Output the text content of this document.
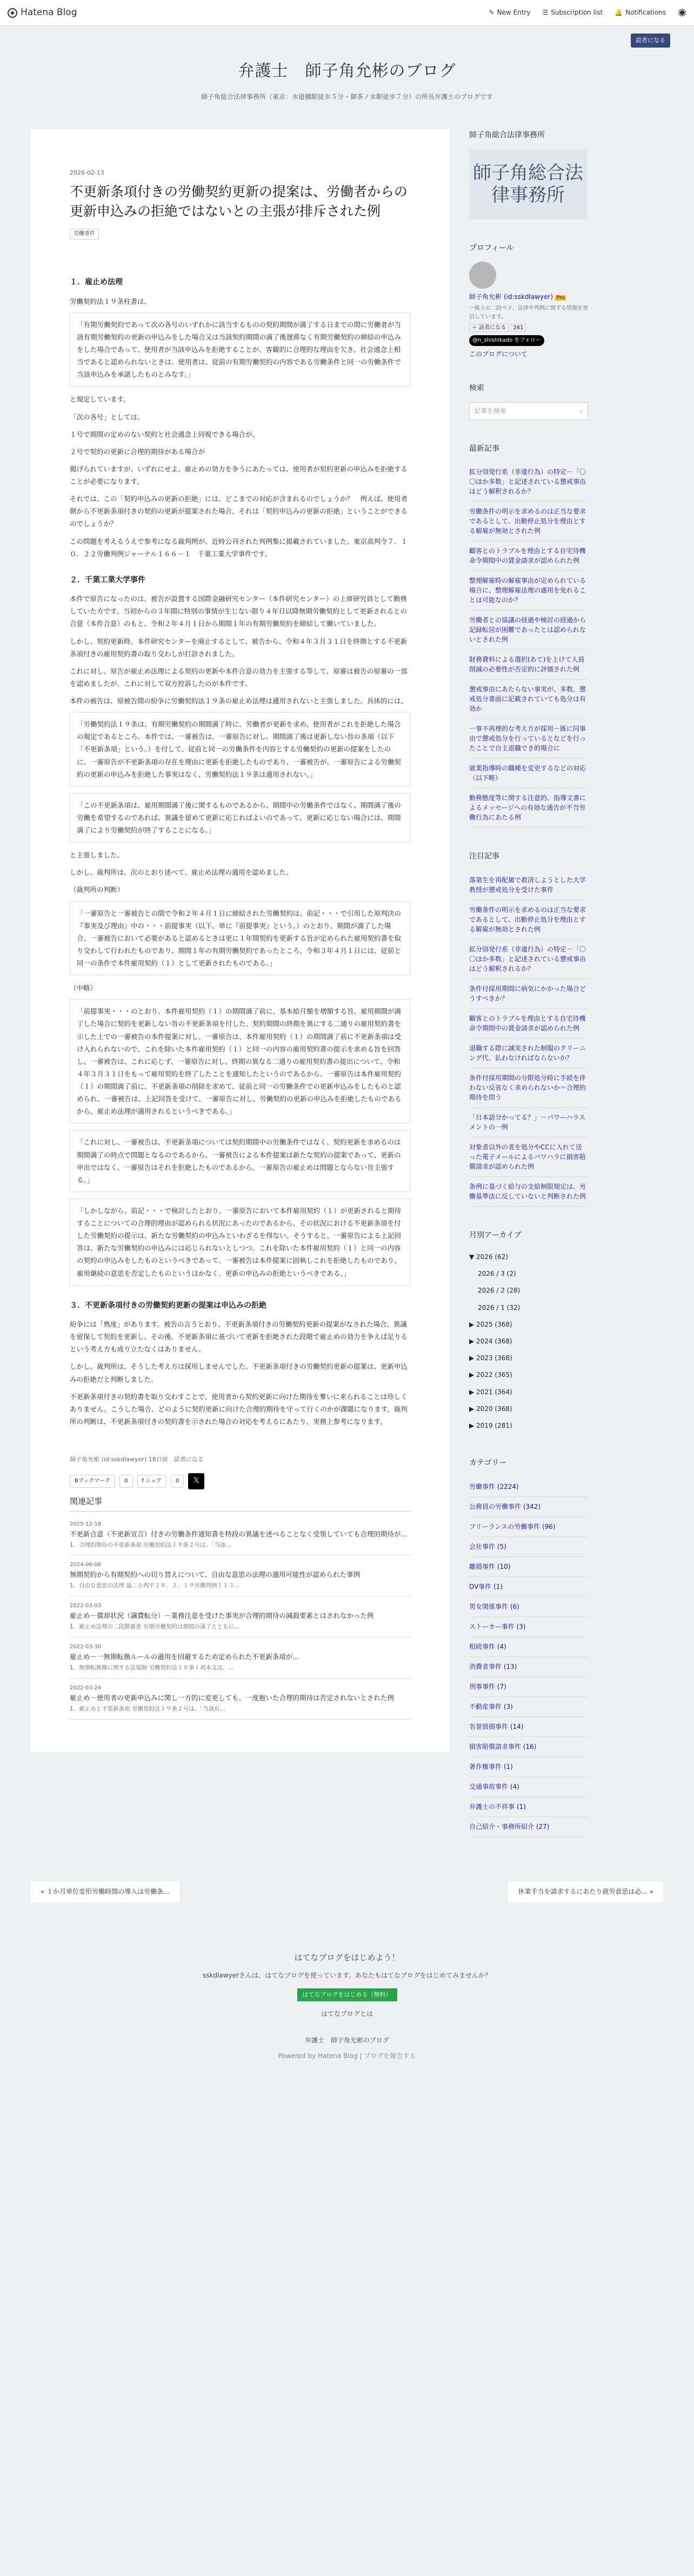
Hatena Blog	✎ New Entry ☰ Subscription list 🔔 Notifications ◉
読者になる
弁護士　師子角允彬のブログ

師子角総合法律事務所（東京：水道橋駅徒歩５分・御茶ノ水駅徒歩７分）の所長弁護士のブログです

2026-02-13
不更新条項付きの労働契約更新の提案は、労働者からの更新申込みの拒絶ではないとの主張が排斥された例
労働事件
１．雇止め法理

労働契約法１９条柱書は、

「有期労働契約であって次の各号のいずれかに該当するものの契約期間が満了する日までの間に労働者が当該有期労働契約の更新の申込みをした場合又は当該契約期間の満了後遅滞なく有期労働契約の締結の申込みをした場合であって、使用者が当該申込みを拒絶することが、客観的に合理的な理由を欠き、社会通念上相当であると認められないときは、使用者は、従前の有期労働契約の内容である労働条件と同一の労働条件で当該申込みを承諾したものとみなす。」

と規定しています。

「次の各号」としては、

１号で期間の定めのない契約と社会通念上同視できる場合が、

２号で契約の更新に合理的期待がある場合が

掲げられていますが、いずれにせよ、雇止めの効力を争うにあたっては、使用者が契約更新の申込みを拒絶することが必要になります。

それでは、この「契約申込みの更新の拒絶」には、どこまでの対応が含まれるのでしょうか？　例えば、使用者側から不更新条項付きの契約の更新が提案された場合、それは「契約申込みの更新の拒絶」ということができるのでしょうか？

この問題を考えるうえで参考になる裁判例が、近時公刊された判例集に掲載されていました。東京高判令７．１０．２２労働判例ジャーナル１６６－１　千葉工業大学事件です。

２．千葉工業大学事件

本件で原告になったのは、被告が設置する国際金融研究センター（本件研究センター）の上席研究員として勤務していた方です。当初からの３年間に特別の事情が生じない限り４年目以降無期労働契約として更新されるとの合意（本件合意）のもと、令和２年４月１日から期間１年の有期労働契約を締結して働いていました。

しかし、契約更新時、本件研究センターを廃止するとして、被告から、令和４年３月３１日を終期とする不更新条項付きの雇用契約書の取り交わしが打診されました。

これに対し、原告が雇止め法理による契約の更新や本件合意の効力を主張する等して、原審は被告の原審の一部を認めましたが、これに対して双方控訴したのが本件です。

本件の被告は、原被告間の紛争に労働契約法１９条の雇止め法理は適用されないと主張しました。具体的には、

「労働契約法１９条は、有期労働契約の期間満了時に、労働者が更新を求め、使用者がこれを拒絶した場合の規定であるところ、本件では、一審被告は、一審原告に対し、期間満了後は更新しない旨の条項（以下「不更新条項」という。）を付して、従前と同一の労働条件を内容とする労働契約の更新の提案をしたのに、一審原告が不更新条項の存在を理由に更新を拒絶したものであり、一審被告が、一審原告による労働契約の更新の申込みを拒絶した事実はなく、労働契約法１９条は適用されない。」
「この不更新条項は、雇用期間満了後に関するものであるから、期間中の労働条件ではなく、期間満了後の労働を希望するのであれば、異議を留めて更新に応じればよいのであって、更新に応じない場合には、期間満了により労働契約が終了することになる。」

と主張しました。

しかし、裁判所は、次のとおり述べて、雇止め法理の適用を認めました。

（裁判所の判断）

「一審原告と一審被告との間で令和２年４月１日に締結された労働契約は、前記・・・で引用した原判決の『事実及び理由』中の・・・前提事実（以下、単に『前提事実』という。）のとおり、期間が満了した場合、一審被告において必要があると認めるときは更に１年間契約を更新する旨が定められた雇用契約書を取り交わして行われたものであり、期間１年の有期労働契約であったところ、令和３年４月１日には、従前と同一の条件で本件雇用契約（１）として更新されたものである。」

（中略）

「前提事実・・・のとおり、本件雇用契約（１）の期間満了前に、基本給月額を増額する旨、雇用期間が満了した場合に契約を更新しない旨の不更新条項を付した、契約期間の終期を異にする二通りの雇用契約書を示した上での一審被告の本件提案に対し、一審原告は、本件雇用契約（１）の期間満了前に不更新条項は受け入れられないので、これを除いた本件雇用契約（１）と同一の内容の雇用契約書の提示を求める旨を回答し、一審被告は、これに応じず、一審原告に対し、終期の異なる二通りの雇用契約書の提出について、令和４年３月３１日をもって雇用契約を終了したことを通知したというのであるから、一審原告は本件雇用契約（１）の期間満了前に、不更新条項の削除を求めて、従前と同一の労働条件での更新申込みをしたものと認められ、一審被告は、上記回答を受けて、一審原告に対し、労働契約の更新の申込みを拒絶したものであるから、雇止め法理が適用されるというべきである。」
「これに対し、一審被告は、不更新条項については契約期間中の労働条件ではなく、契約更新を求めるのは期間満了の時点で問題となるのであるから、一審被告による本件提案は新たな契約の提案であって、更新の申出ではなく、一審原告はそれを拒絶したものであるから、一審原告の雇止めは問題とならない旨主張する。」
「しかしながら、前記・・・で検討したとおり、一審原告において本件雇用契約（１）が更新されると期待することについての合理的理由が認められる状況にあったのであるから、その状況における不更新条項を付した労働契約の提示は、新たな労働契約の申込みといわざるを得ない。そうすると、一審原告による上記回答は、新たな労働契約の申込みには応じられないとしつつ、これを除いた本件雇用契約（１）と同一の内容の契約の申込みをしたものというべきであって、一審被告は本件提案に固執しこれを拒絶したものであり、雇用継続の意思を否定したものというほかなく、更新の申込みの拒絶というべきである。」
３．不更新条項付きの労働契約更新の提案は申込みの拒絶

紛争には「熟度」があります。被告の言うとおり、不更新条項付きの労働契約更新の提案がなされた場合、異議を留保して契約を更新し、その後、不更新条項に基づいて更新を拒絶された段階で雇止めの効力を争えば足りるという考え方も成り立たなくはありません。

しかし、裁判所は、そうした考え方は採用しませんでした。不更新条項付きの労働契約更新の提案は、更新申込みの拒絶だと判断しました。

不更新条項付きの契約書を取り交わすことで、使用者から契約更新に向けた期待を奪いに来られることは珍しくありません。こうした場合、どのように契約更新に向けた合理的期待を守って行くのかが課題になります。裁判所の判断は、不更新条項付きの契約書を示された場合の対応を考えるにあたり、実務上参考になります。

師子角允彬 (id:sskdlawyer) 18日前　読者になる
Bブックマーク	0	f シェア	0	𝕏
関連記事
2025-12-18
不更新合意（不更新宣言）付きの労働条件通知書を特段の異議を述べることなく受領していても合理的期待が...
1．合理的期待の不更新条項 労働契約法１９条２号は、「当該...
2024-06-06
無期契約から有期契約への切り替えについて、自由な意思の法理の適用可能性が認められた事例
1．自由な意思の法理 最二小判平２８．２．１９労働判例１１３...
2022-03-03
雇止め－償却状況（譲費転分）－業務注意を受けた事実が合理的期待の減殺要素とはされなかった例
1．雇止め法理の二段階審査 有期労働契約は期間の満了とともに...
2022-03-30
雇止め－一無期転換ルールの適用を回避するため定められた不更新条項が...
1．無期転換権に関する法規制 労働契約法１８条１項本文は、...
2022-03-24
雇止め－使用者の更新申込みに関し一方的に変更しても、一度抱いた合理的期待は否定されないとされた例
1．雇止めと不更新条項 労働契約法１９条２号は、「当該有...
師子角総合法律事務所
師子角総合法律事務所
プロフィール
師子角允彬 (id:sskdlawyer) Pro
一級士の二段ペ下、法律や判例に関する情報を発信しています。
＋ 読者になる 261
@n_shishikado をフォロー
このブログについて
検索
記事を検索	⌕
最新記事
拡分別発行系（非違行為）の特定－「〇〇ほか多数」と記述されている懲戒事由はどう解釈されるか？
労働条件の明示を求めるのは正当な要求であるとして、出勤停止処分を理由とする解雇が無効とされた例
顧客とのトラブルを理由とする自宅待機命令期間中の賃金請求が認められた例
整理解雇時の解雇事由が定められている場合に、整理解雇法理の適用を免れることは可能なのか？
労働者との協議の経過や検討の経過から記録転居が困難であったとは認められないとされた例
財務費料による選択(あて)を上けて人員削減の必要性が否定的に評価された例
懲戒事由にあたらない事実が、多数、懲戒処分書面に記載されていても処分は有効か
一事不再理的な考え方が採用－既に同事由で懲戒処分を行っているとなどを行ったことで自主退職でき的場合に
就業指導時の職種を変更するなどの対応（以下略）
勤務態度等に関する注意的、指導文書によるメッセージへの有効な通告が不当労働行為にあたる例
注目記事
落第生を再配属で救済しようとした大学教授が懲戒処分を受けた事件
労働条件の明示を求めるのは正当な要求であるとして、出勤停止処分を理由とする解雇が無効とされた例
拡分別発行系（非違行為）の特定－「〇〇ほか多数」と記述されている懲戒事由はどう解釈されるか？
条件付採用期間に病気にかかった場合どうすべきか？
顧客とのトラブルを理由とする自宅待機命令期間中の賃金請求が認められた例
退職する際に誠実された制服のクリーニング代、払わなければならないか？
条件付採用期間の分限処分時に手続を伴わない反省なく求められないか＝合理的期待を問う
「日本語分かってる？」－パワーハラスメントの一例
対象者以外の者を処分やCCに入れて送った電子メールによるパワハラに損害賠償請求が認められた例
条例に基づく給与の支給制限規定は、労働基準法に反していないと判断された例
月別アーカイブ
▼ 2026 (62)
2026 / 3 (2)
2026 / 2 (28)
2026 / 1 (32)
▶ 2025 (368)
▶ 2024 (368)
▶ 2023 (368)
▶ 2022 (365)
▶ 2021 (364)
▶ 2020 (368)
▶ 2019 (281)
カテゴリー
労働事件 (2224)
公務員の労働事件 (342)
フリーランスの労働事件 (96)
会社事件 (5)
離婚事件 (10)
DV事件 (1)
男女関係事件 (6)
ストーカー事件 (3)
相続事件 (4)
消費者事件 (13)
刑事事件 (7)
不動産事件 (3)
名誉毀損事件 (14)
損害賠償請求事件 (16)
著作権事件 (1)
交通事故事件 (4)
弁護士の不祥事 (1)
自己紹介・事務所紹介 (27)
« １か月単位変形労働時間の導入は労働条...	休業手当を請求するにあたり就労意思は必... »
はてなブログをはじめよう！
sskdlawyerさんは、はてなブログを使っています。あなたもはてなブログをはじめてみませんか？
はてなブログをはじめる（無料）
はてなブログとは
弁護士　師子角允彬のブログ
Powered by Hatena Blog | ブログを報告する
